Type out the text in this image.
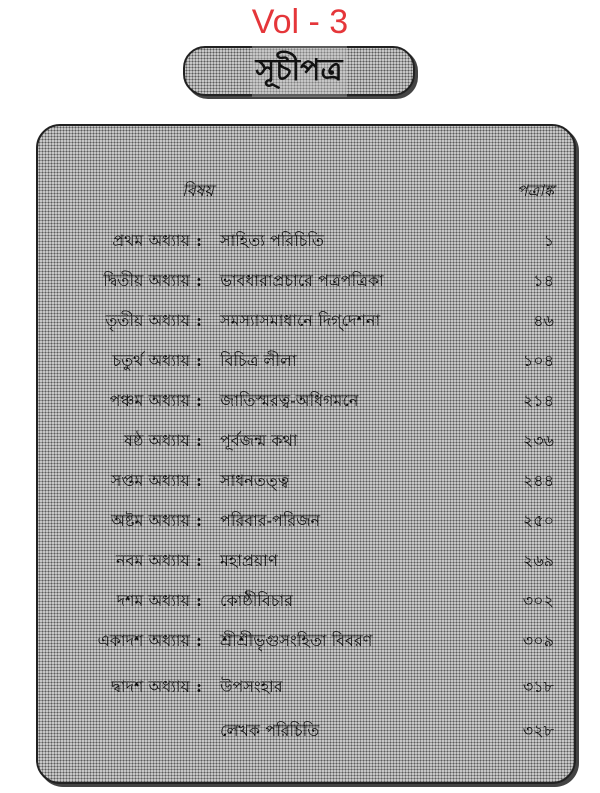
Vol - 3
সূচীপত্র
বিষয়	পত্রাঙ্ক
প্রথম অধ্যায় : সাহিত্য পরিচিতি	১
দ্বিতীয় অধ্যায় : ভাবধারাপ্রচারে পত্রপত্রিকা	১৪
তৃতীয় অধ্যায় : সমস্যাসমাধানে দিগ্‌দেশনা	৪৬
চতুর্থ অধ্যায় : বিচিত্র লীলা	১০৪
পঞ্চম অধ্যায় : জাতিস্মরত্ব-অধিগমনে	২১৪
ষষ্ঠ অধ্যায় : পূর্বজন্ম কথা	২৩৬
সপ্তম অধ্যায় : সাধনতত্ত্ব	২৪৪
অষ্টম অধ্যায় : পরিবার-পরিজন	২৫০
নবম অধ্যায় : মহাপ্রয়াণ	২৬৯
দশম অধ্যায় : কোষ্ঠীবিচার	৩০২
একাদশ অধ্যায় : শ্রীশ্রীভৃগুসংহিতা বিবরণ	৩০৯
দ্বাদশ অধ্যায় : উপসংহার	৩১৮
লেখক পরিচিতি	৩২৮
